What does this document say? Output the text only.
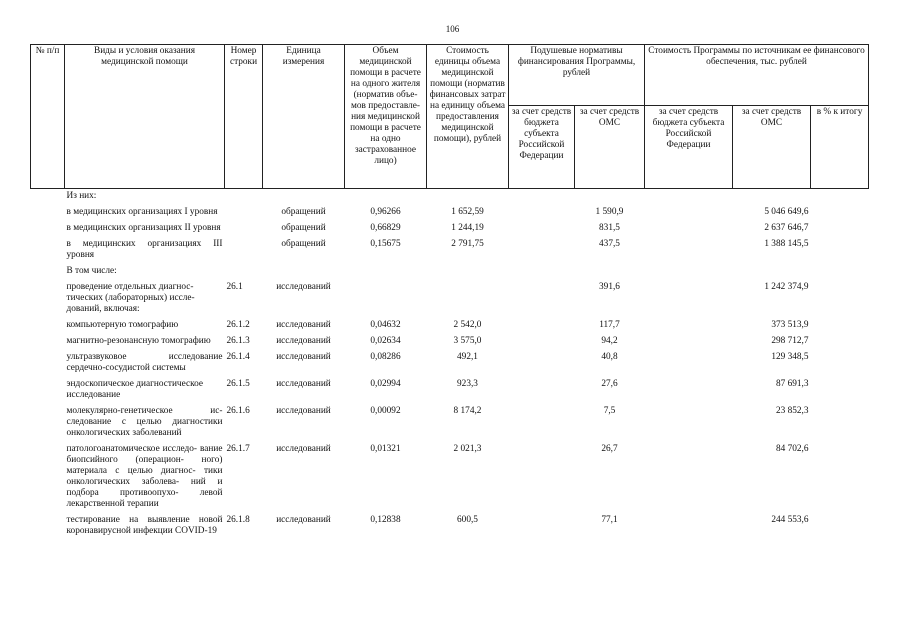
106
№ п/п	Виды и условия оказания медицинской помощи	Номер строки	Единица измерения	Объем медицинской помощи в расчете на одного жителя (норматив объе- мов предоставле- ния медицинской помощи в расчете на одно застрахованное лицо)	Стоимость единицы объема медицинской помощи (норматив финансовых затрат на единицу объема предоставления медицинской помощи), рублей	Подушевые нормативы финансирования Программы, рублей		Стоимость Программы по источникам ее финансового обеспечения, тыс. рублей		
						за счет средств бюджета субъекта Российской Федерации	за счет средств ОМС	за счет средств бюджета субъекта Российской Федерации	за счет средств ОМС	в % к итогу
	Из них:									
	в медицинских организациях I уровня		обращений	0,96266	1 652,59		1 590,9		5 046 649,6	
	в медицинских организациях II уровня		обращений	0,66829	1 244,19		831,5		2 637 646,7	
	в медицинских организациях III уровня		обращений	0,15675	2 791,75		437,5		1 388 145,5	
	В том числе:									
	проведение отдельных диагнос- тических (лабораторных) иссле- дований, включая:	26.1	исследований				391,6		1 242 374,9	
	компьютерную томографию	26.1.2	исследований	0,04632	2 542,0		117,7		373 513,9	
	магнитно-резонансную томографию	26.1.3	исследований	0,02634	3 575,0		94,2		298 712,7	
	ультразвуковое исследование сердечно-сосудистой системы	26.1.4	исследований	0,08286	492,1		40,8		129 348,5	
	эндоскопическое диагностическое исследование	26.1.5	исследований	0,02994	923,3		27,6		87 691,3	
	молекулярно-генетическое ис- следование с целью диагностики онкологических заболеваний	26.1.6	исследований	0,00092	8 174,2		7,5		23 852,3	
	патологоанатомическое исследо- вание биопсийного (операцион- ного) материала с целью диагнос- тики онкологических заболева- ний и подбора противоопухо- левой лекарственной терапии	26.1.7	исследований	0,01321	2 021,3		26,7		84 702,6	
	тестирование на выявление новой коронавирусной инфекции COVID-19	26.1.8	исследований	0,12838	600,5		77,1		244 553,6	
